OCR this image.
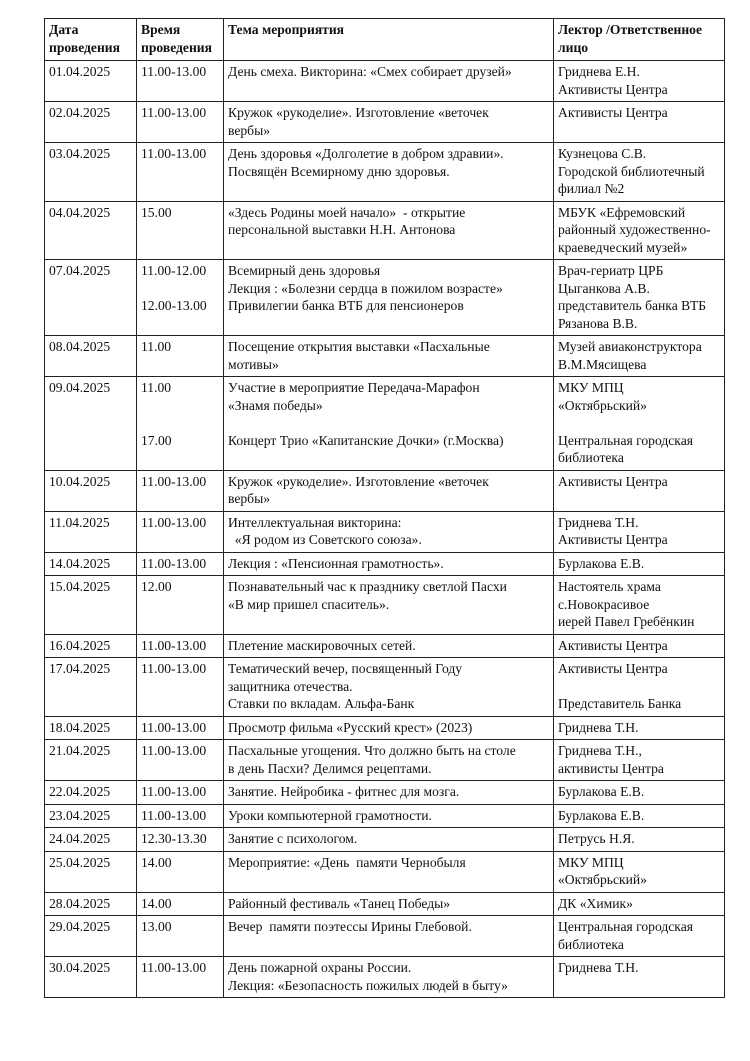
Дата проведения	Время проведения	Тема мероприятия	Лектор /Ответственное лицо
01.04.2025	11.00-13.00	День смеха. Викторина: «Смех собирает друзей»	Гриднева Е.Н.
Активисты Центра

02.04.2025	11.00-13.00	Кружок «рукоделие». Изготовление «веточек
вербы»	Активисты Центра

03.04.2025	11.00-13.00	День здоровья «Долголетие в добром здравии».
Посвящён Всемирному дню здоровья.	Кузнецова С.В.
Городской библиотечный
филиал №2

04.04.2025	15.00	«Здесь Родины моей начало»  - открытие
персональной выставки Н.Н. Антонова	МБУК «Ефремовский
районный художественно-
краеведческий музей»

07.04.2025	11.00-12.00
12.00-13.00	Всемирный день здоровья
Лекция : «Болезни сердца в пожилом возрасте»
Привилегии банка ВТБ для пенсионеров	Врач-гериатр ЦРБ
Цыганкова А.В.
представитель банка ВТБ
Рязанова В.В.

08.04.2025	11.00	Посещение открытия выставки «Пасхальные
мотивы»	Музей авиаконструктора
В.М.Мясищева

09.04.2025	11.00
17.00	Участие в мероприятие Передача-Марафон
«Знамя победы»
Концерт Трио «Капитанские Дочки» (г.Москва)	МКУ МПЦ
«Октябрьский»
Центральная городская
библиотека

10.04.2025	11.00-13.00	Кружок «рукоделие». Изготовление «веточек
вербы»	Активисты Центра

11.04.2025	11.00-13.00	Интеллектуальная викторина:
«Я родом из Советского союза».	Гриднева Т.Н.
Активисты Центра

14.04.2025	11.00-13.00	Лекция : «Пенсионная грамотность».	Бурлакова Е.В.

15.04.2025	12.00	Познавательный час к празднику светлой Пасхи
«В мир пришел спаситель».	Настоятель храма
с.Новокрасивое
иерей Павел Гребёнкин

16.04.2025	11.00-13.00	Плетение маскировочных сетей.	Активисты Центра

17.04.2025	11.00-13.00	Тематический вечер, посвященный Году
защитника отечества.
Ставки по вкладам. Альфа-Банк	Активисты Центра
Представитель Банка

18.04.2025	11.00-13.00	Просмотр фильма «Русский крест» (2023)	Гриднева Т.Н.

21.04.2025	11.00-13.00	Пасхальные угощения. Что должно быть на столе
в день Пасхи? Делимся рецептами.	Гриднева Т.Н.,
активисты Центра

22.04.2025	11.00-13.00	Занятие. Нейробика - фитнес для мозга.	Бурлакова Е.В.

23.04.2025	11.00-13.00	Уроки компьютерной грамотности.	Бурлакова Е.В.

24.04.2025	12.30-13.30	Занятие с психологом.	Петрусь Н.Я.

25.04.2025	14.00	Мероприятие: «День  памяти Чернобыля	МКУ МПЦ
«Октябрьский»

28.04.2025	14.00	Районный фестиваль «Танец Победы»	ДК «Химик»

29.04.2025	13.00	Вечер  памяти поэтессы Ирины Глебовой.	Центральная городская
библиотека

30.04.2025	11.00-13.00	День пожарной охраны России.
Лекция: «Безопасность пожилых людей в быту»	Гриднева Т.Н.
